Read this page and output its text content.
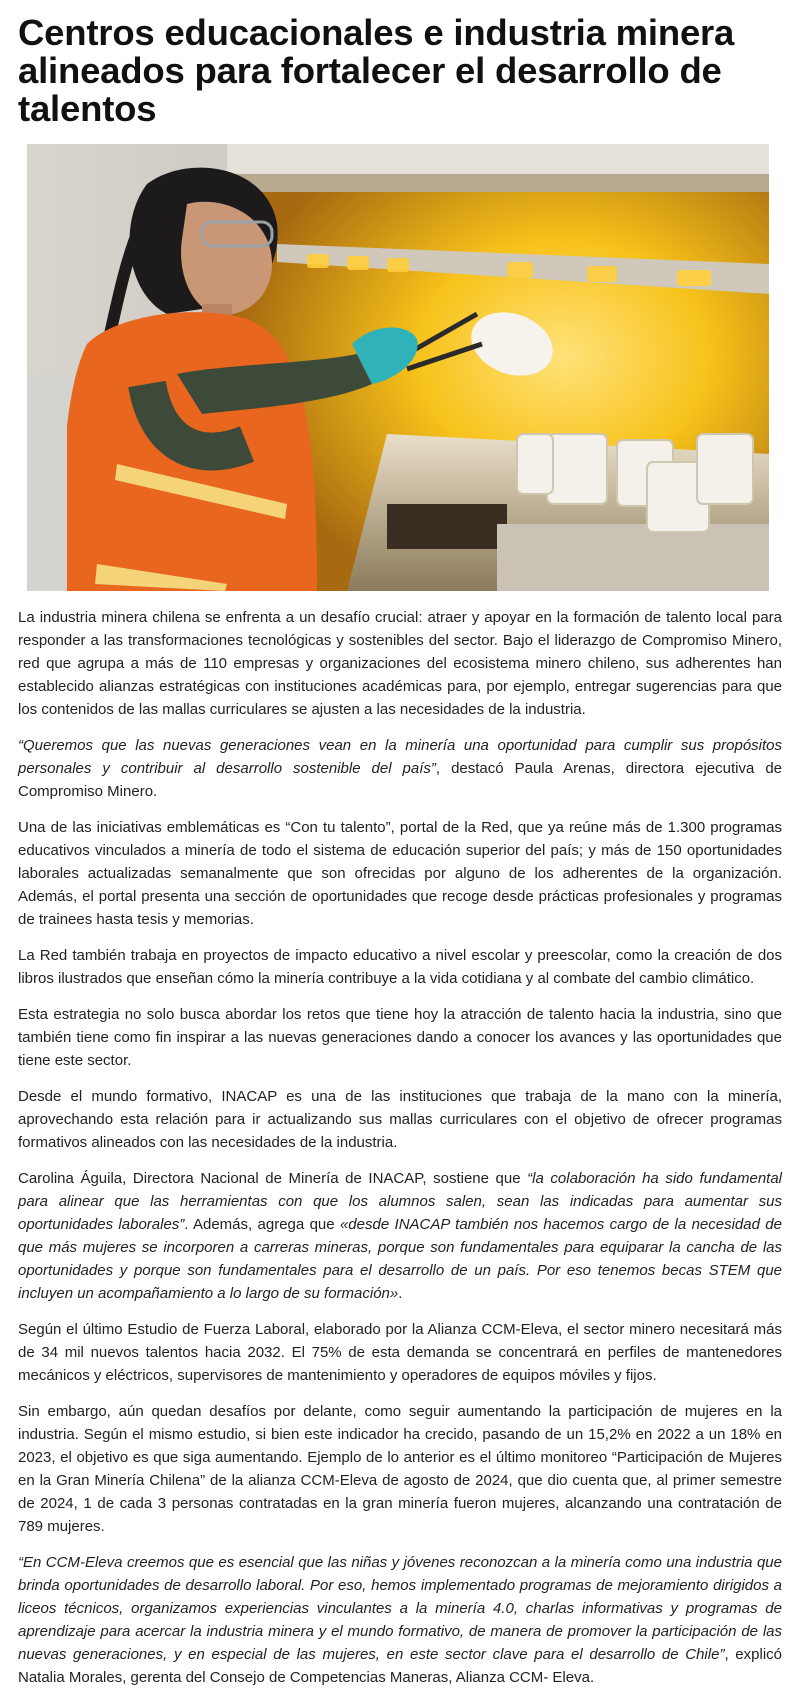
Centros educacionales e industria minera alineados para fortalecer el desarrollo de talentos

La industria minera chilena se enfrenta a un desafío crucial: atraer y apoyar en la formación de talento local para responder a las transformaciones tecnológicas y sostenibles del sector. Bajo el liderazgo de Compromiso Minero, red que agrupa a más de 110 empresas y organizaciones del ecosistema minero chileno, sus adherentes han establecido alianzas estratégicas con instituciones académicas para, por ejemplo, entregar sugerencias para que los contenidos de las mallas curriculares se ajusten a las necesidades de la industria.

“Queremos que las nuevas generaciones vean en la minería una oportunidad para cumplir sus propósitos personales y contribuir al desarrollo sostenible del país”, destacó Paula Arenas, directora ejecutiva de Compromiso Minero.

Una de las iniciativas emblemáticas es “Con tu talento”, portal de la Red, que ya reúne más de 1.300 programas educativos vinculados a minería de todo el sistema de educación superior del país; y más de 150 oportunidades laborales actualizadas semanalmente que son ofrecidas por alguno de los adherentes de la organización. Además, el portal presenta una sección de oportunidades que recoge desde prácticas profesionales y programas de trainees hasta tesis y memorias.

La Red también trabaja en proyectos de impacto educativo a nivel escolar y preescolar, como la creación de dos libros ilustrados que enseñan cómo la minería contribuye a la vida cotidiana y al combate del cambio climático.

Esta estrategia no solo busca abordar los retos que tiene hoy la atracción de talento hacia la industria, sino que también tiene como fin inspirar a las nuevas generaciones dando a conocer los avances y las oportunidades que tiene este sector.

Desde el mundo formativo, INACAP es una de las instituciones que trabaja de la mano con la minería, aprovechando esta relación para ir actualizando sus mallas curriculares con el objetivo de ofrecer programas formativos alineados con las necesidades de la industria.

Carolina Águila, Directora Nacional de Minería de INACAP, sostiene que “la colaboración ha sido fundamental para alinear que las herramientas con que los alumnos salen, sean las indicadas para aumentar sus oportunidades laborales”. Además, agrega que «desde INACAP también nos hacemos cargo de la necesidad de que más mujeres se incorporen a carreras mineras, porque son fundamentales para equiparar la cancha de las oportunidades y porque son fundamentales para el desarrollo de un país. Por eso tenemos becas STEM que incluyen un acompañamiento a lo largo de su formación».

Según el último Estudio de Fuerza Laboral, elaborado por la Alianza CCM-Eleva, el sector minero necesitará más de 34 mil nuevos talentos hacia 2032. El 75% de esta demanda se concentrará en perfiles de mantenedores mecánicos y eléctricos, supervisores de mantenimiento y operadores de equipos móviles y fijos.

Sin embargo, aún quedan desafíos por delante, como seguir aumentando la participación de mujeres en la industria. Según el mismo estudio, si bien este indicador ha crecido, pasando de un 15,2% en 2022 a un 18% en 2023, el objetivo es que siga aumentando. Ejemplo de lo anterior es el último monitoreo “Participación de Mujeres en la Gran Minería Chilena” de la alianza CCM-Eleva de agosto de 2024, que dio cuenta que, al primer semestre de 2024, 1 de cada 3 personas contratadas en la gran minería fueron mujeres, alcanzando una contratación de 789 mujeres.

“En CCM-Eleva creemos que es esencial que las niñas y jóvenes reconozcan a la minería como una industria que brinda oportunidades de desarrollo laboral. Por eso, hemos implementado programas de mejoramiento dirigidos a liceos técnicos, organizamos experiencias vinculantes a la minería 4.0, charlas informativas y programas de aprendizaje para acercar la industria minera y el mundo formativo, de manera de promover la participación de las nuevas generaciones, y en especial de las mujeres, en este sector clave para el desarrollo de Chile”, explicó Natalia Morales, gerenta del Consejo de Competencias Maneras, Alianza CCM- Eleva.
